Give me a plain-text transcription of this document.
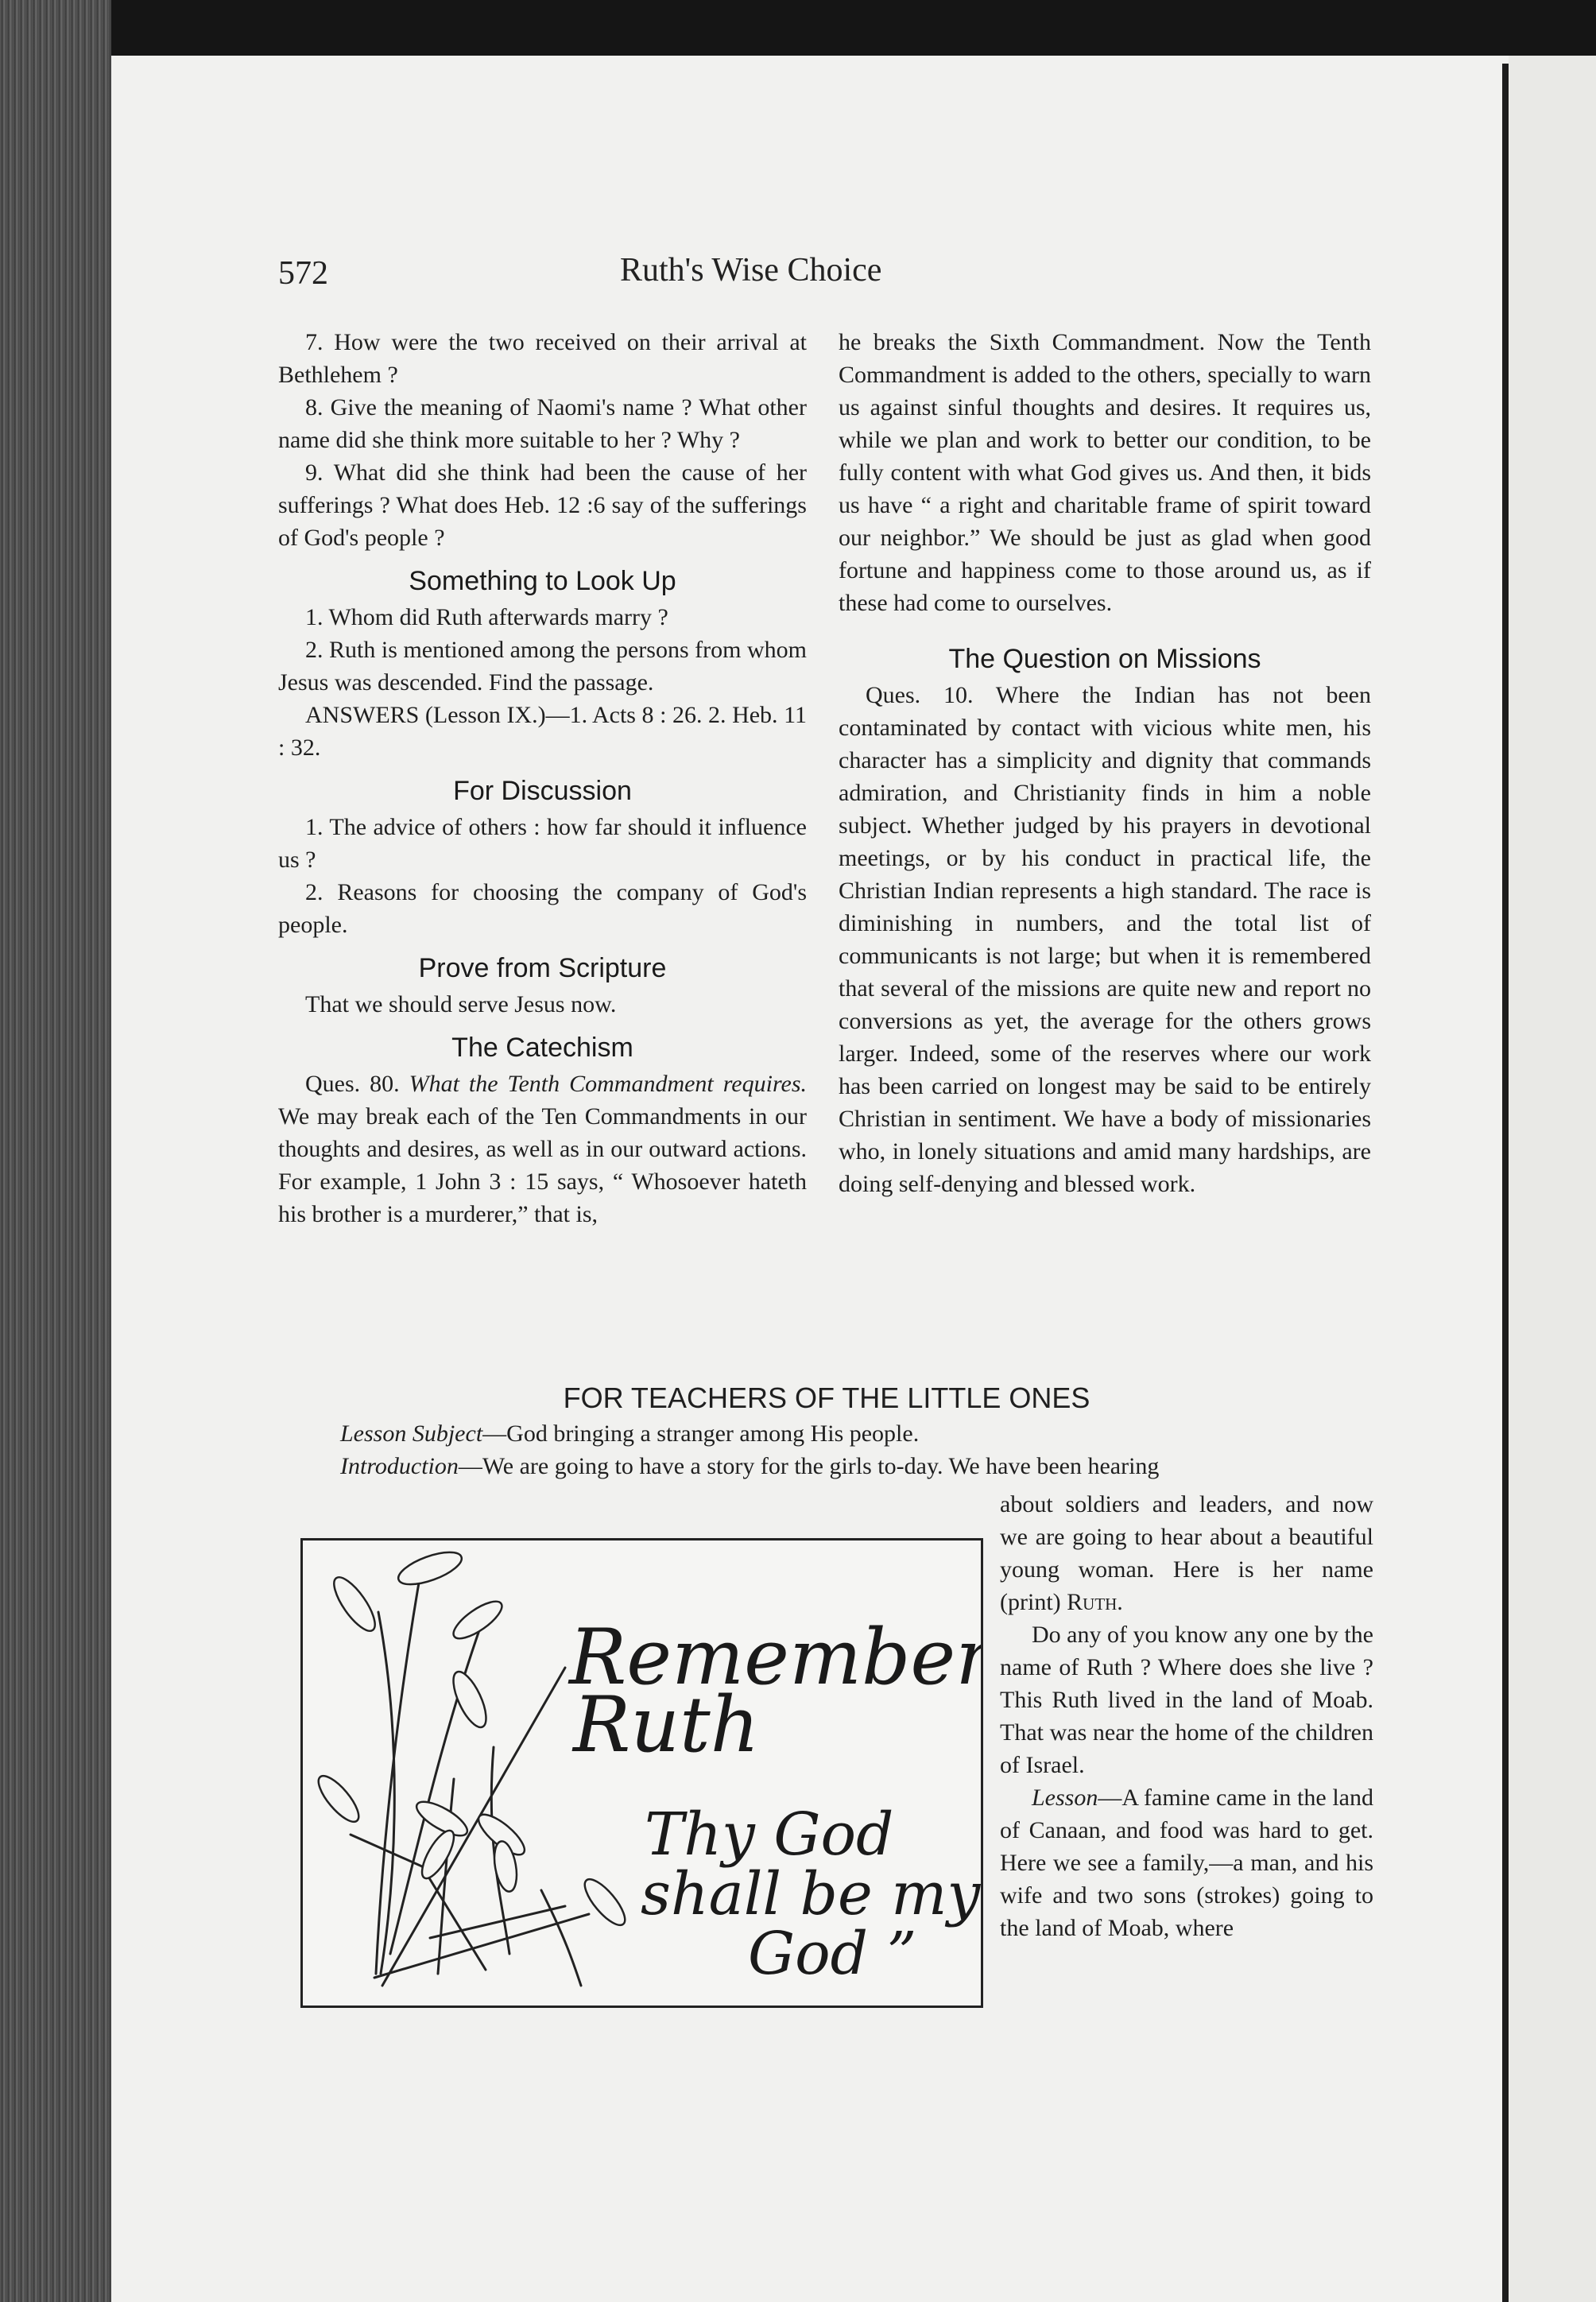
572	Ruth's Wise Choice

7. How were the two received on their arrival at Bethlehem ?

8. Give the meaning of Naomi's name ? What other name did she think more suitable to her ? Why ?

9. What did she think had been the cause of her sufferings ? What does Heb. 12 :6 say of the sufferings of God's people ?

Something to Look Up

1. Whom did Ruth afterwards marry ?

2. Ruth is mentioned among the persons from whom Jesus was descended. Find the passage.

ANSWERS (Lesson IX.)—1. Acts 8 : 26. 2. Heb. 11 : 32.

For Discussion

1. The advice of others : how far should it influence us ?

2. Reasons for choosing the company of God's people.

Prove from Scripture

That we should serve Jesus now.

The Catechism

Ques. 80. What the Tenth Commandment requires. We may break each of the Ten Commandments in our thoughts and desires, as well as in our outward actions. For example, 1 John 3 : 15 says, “ Whosoever hateth his brother is a murderer,” that is,

he breaks the Sixth Commandment. Now the Tenth Commandment is added to the others, specially to warn us against sinful thoughts and desires. It requires us, while we plan and work to better our condition, to be fully content with what God gives us. And then, it bids us have “ a right and charitable frame of spirit toward our neighbor.” We should be just as glad when good fortune and happiness come to those around us, as if these had come to ourselves.

The Question on Missions

Ques. 10. Where the Indian has not been contaminated by contact with vicious white men, his character has a simplicity and dignity that commands admiration, and Christianity finds in him a noble subject. Whether judged by his prayers in devotional meetings, or by his conduct in practical life, the Christian Indian represents a high standard. The race is diminishing in numbers, and the total list of communicants is not large; but when it is remembered that several of the missions are quite new and report no conversions as yet, the average for the others grows larger. Indeed, some of the reserves where our work has been carried on longest may be said to be entirely Christian in sentiment. We have a body of missionaries who, in lonely situations and amid many hardships, are doing self-denying and blessed work.

FOR TEACHERS OF THE LITTLE ONES

Lesson Subject—God bringing a stranger among His people.

Introduction—We are going to have a story for the girls to-day. We have been hearing

about soldiers and leaders, and now we are going to hear about a beautiful young woman. Here is her name (print) Ruth.

Do any of you know any one by the name of Ruth ? Where does she live ? This Ruth lived in the land of Moab. That was near the home of the children of Israel.

Lesson—A famine came in the land of Canaan, and food was hard to get. Here we see a family,—a man, and his wife and two sons (strokes) going to the land of Moab, where

Remember
Ruth
Thy God
shall be my
God ”
